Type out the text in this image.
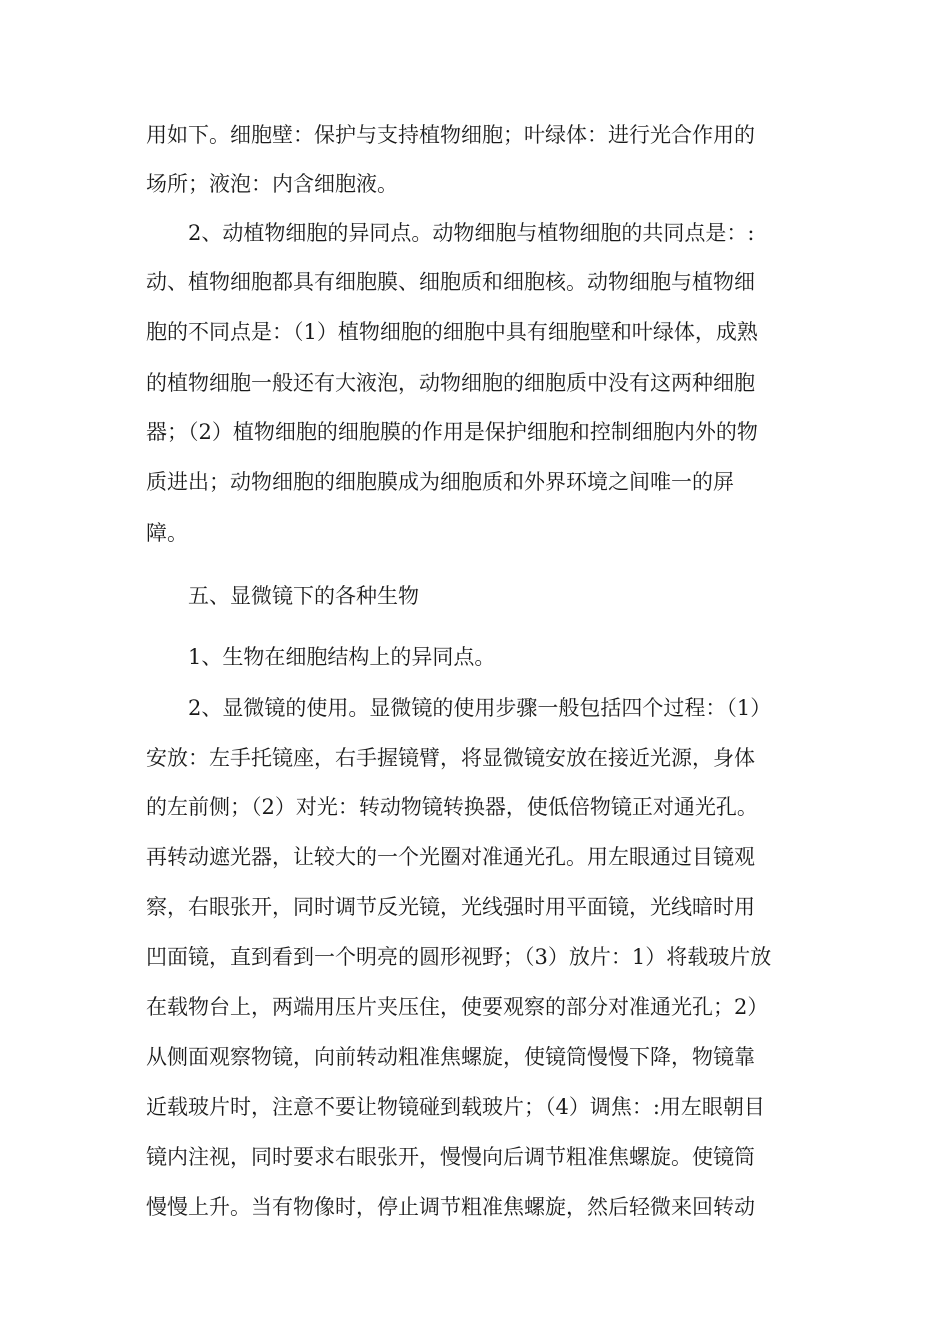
用如下。细胞壁：保护与支持植物细胞；叶绿体：进行光合作用的
场所；液泡：内含细胞液。
2、动植物细胞的异同点。动物细胞与植物细胞的共同点是：:
动、植物细胞都具有细胞膜、细胞质和细胞核。动物细胞与植物细
胞的不同点是：（1）植物细胞的细胞中具有细胞壁和叶绿体，成熟
的植物细胞一般还有大液泡，动物细胞的细胞质中没有这两种细胞
器；（2）植物细胞的细胞膜的作用是保护细胞和控制细胞内外的物
质进出；动物细胞的细胞膜成为细胞质和外界环境之间唯一的屏
障。
五、显微镜下的各种生物
1、生物在细胞结构上的异同点。
2、显微镜的使用。显微镜的使用步骤一般包括四个过程：（1）
安放：左手托镜座，右手握镜臂，将显微镜安放在接近光源，身体
的左前侧；（2）对光：转动物镜转换器，使低倍物镜正对通光孔。
再转动遮光器，让较大的一个光圈对准通光孔。用左眼通过目镜观
察，右眼张开，同时调节反光镜，光线强时用平面镜，光线暗时用
凹面镜，直到看到一个明亮的圆形视野；（3）放片：1）将载玻片放
在载物台上，两端用压片夹压住，使要观察的部分对准通光孔；2）
从侧面观察物镜，向前转动粗准焦螺旋，使镜筒慢慢下降，物镜靠
近载玻片时，注意不要让物镜碰到载玻片；（4）调焦：:用左眼朝目
镜内注视，同时要求右眼张开，慢慢向后调节粗准焦螺旋。使镜筒
慢慢上升。当有物像时，停止调节粗准焦螺旋，然后轻微来回转动
